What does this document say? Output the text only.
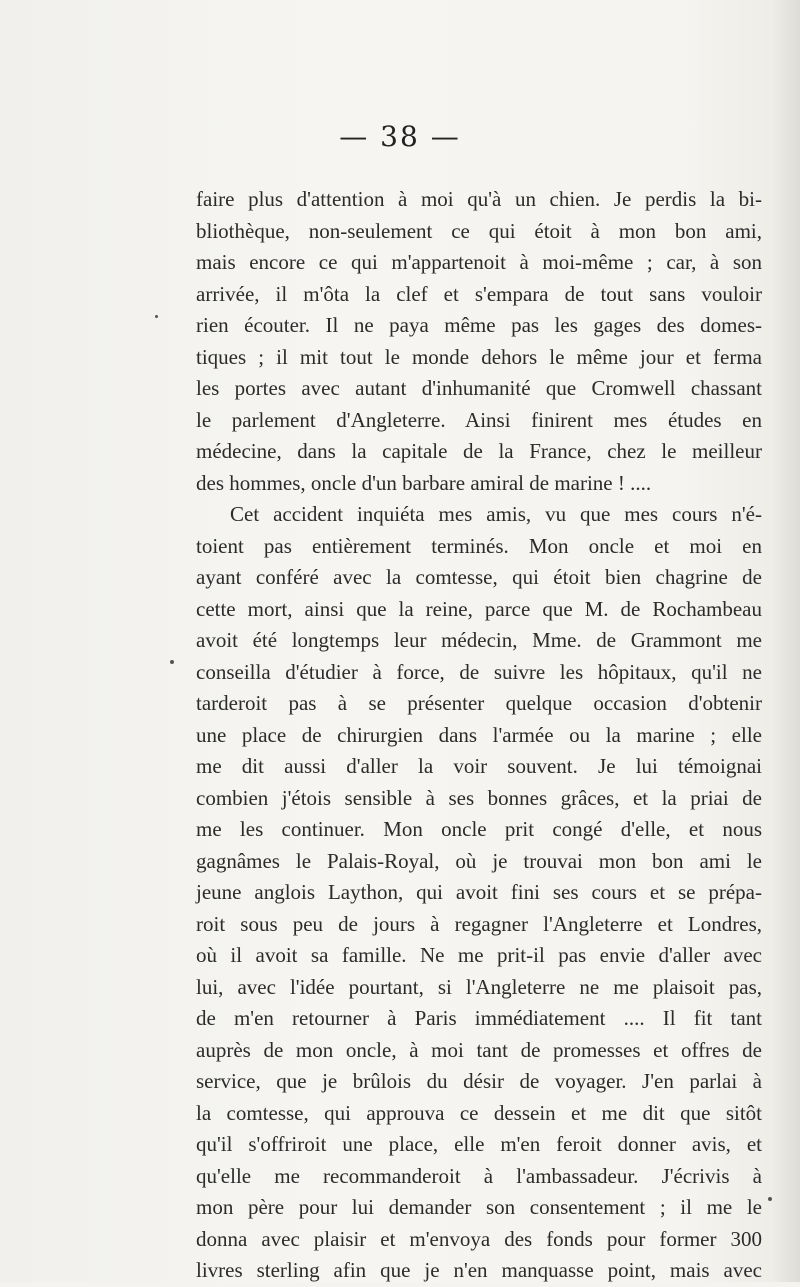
— 38 —
faire plus d'attention à moi qu'à un chien. Je perdis la bi-
bliothèque, non-seulement ce qui étoit à mon bon ami,
mais encore ce qui m'appartenoit à moi-même ; car, à son
arrivée, il m'ôta la clef et s'empara de tout sans vouloir
rien écouter. Il ne paya même pas les gages des domes-
tiques ; il mit tout le monde dehors le même jour et ferma
les portes avec autant d'inhumanité que Cromwell chassant
le parlement d'Angleterre. Ainsi finirent mes études en
médecine, dans la capitale de la France, chez le meilleur
des hommes, oncle d'un barbare amiral de marine ! ....
Cet accident inquiéta mes amis, vu que mes cours n'é-
toient pas entièrement terminés. Mon oncle et moi en
ayant conféré avec la comtesse, qui étoit bien chagrine de
cette mort, ainsi que la reine, parce que M. de Rochambeau
avoit été longtemps leur médecin, Mme. de Grammont me
conseilla d'étudier à force, de suivre les hôpitaux, qu'il ne
tarderoit pas à se présenter quelque occasion d'obtenir
une place de chirurgien dans l'armée ou la marine ; elle
me dit aussi d'aller la voir souvent. Je lui témoignai
combien j'étois sensible à ses bonnes grâces, et la priai de
me les continuer. Mon oncle prit congé d'elle, et nous
gagnâmes le Palais-Royal, où je trouvai mon bon ami le
jeune anglois Laython, qui avoit fini ses cours et se prépa-
roit sous peu de jours à regagner l'Angleterre et Londres,
où il avoit sa famille. Ne me prit-il pas envie d'aller avec
lui, avec l'idée pourtant, si l'Angleterre ne me plaisoit pas,
de m'en retourner à Paris immédiatement .... Il fit tant
auprès de mon oncle, à moi tant de promesses et offres de
service, que je brûlois du désir de voyager. J'en parlai à
la comtesse, qui approuva ce dessein et me dit que sitôt
qu'il s'offriroit une place, elle m'en feroit donner avis, et
qu'elle me recommanderoit à l'ambassadeur. J'écrivis à
mon père pour lui demander son consentement ; il me le
donna avec plaisir et m'envoya des fonds pour former 300
livres sterling afin que je n'en manquasse point, mais avec
